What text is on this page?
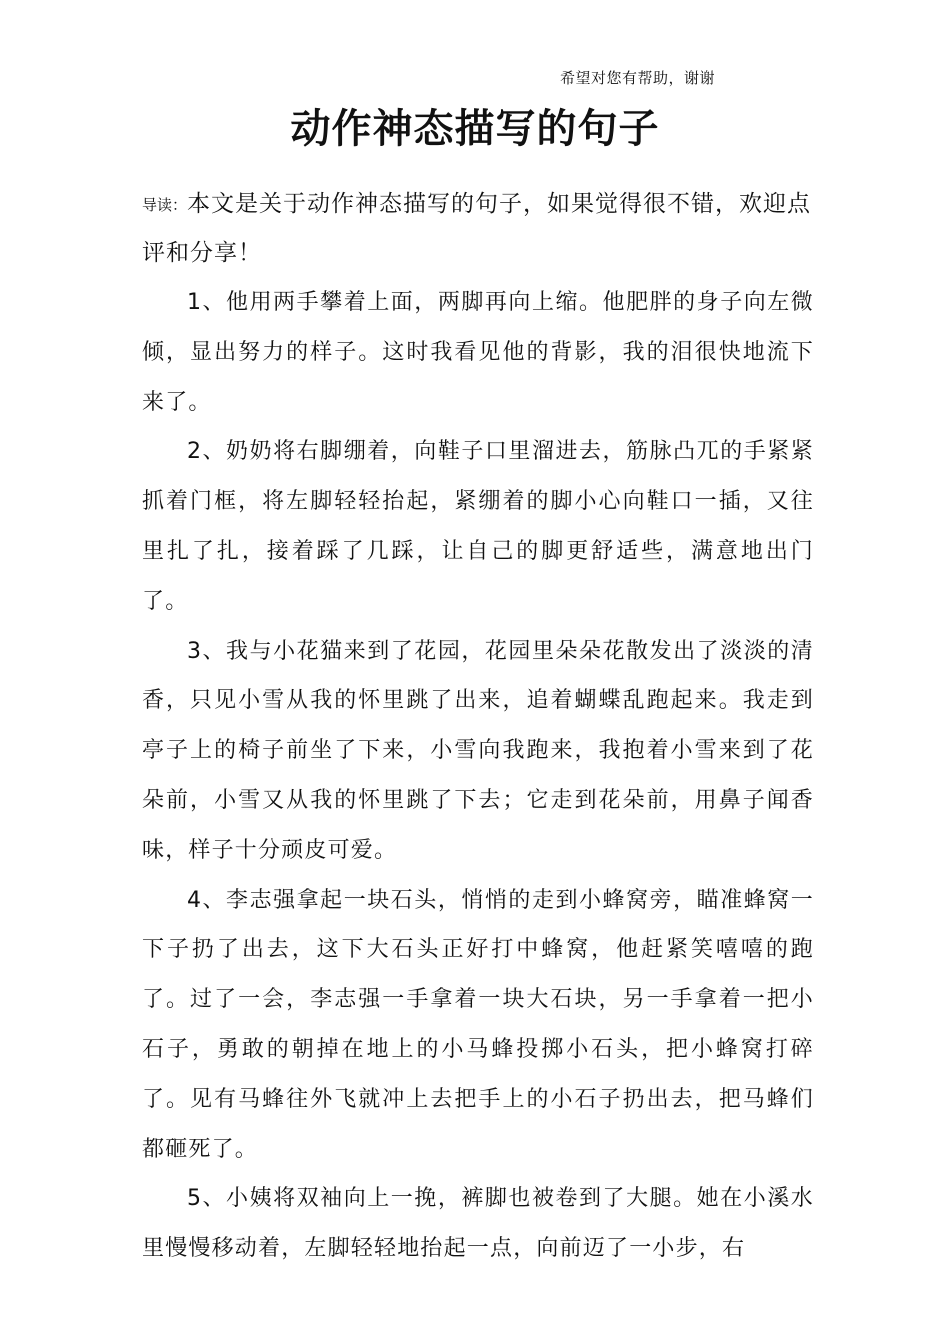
希望对您有帮助，谢谢
动作神态描写的句子

导读：本文是关于动作神态描写的句子，如果觉得很不错，欢迎点评和分享！

1、他用两手攀着上面，两脚再向上缩。他肥胖的身子向左微倾，显出努力的样子。这时我看见他的背影，我的泪很快地流下来了。

2、奶奶将右脚绷着，向鞋子口里溜进去，筋脉凸兀的手紧紧抓着门框，将左脚轻轻抬起，紧绷着的脚小心向鞋口一插，又往里扎了扎，接着踩了几踩，让自己的脚更舒适些，满意地出门了。

3、我与小花猫来到了花园，花园里朵朵花散发出了淡淡的清香，只见小雪从我的怀里跳了出来，追着蝴蝶乱跑起来。我走到亭子上的椅子前坐了下来，小雪向我跑来，我抱着小雪来到了花朵前，小雪又从我的怀里跳了下去；它走到花朵前，用鼻子闻香味，样子十分顽皮可爱。

4、李志强拿起一块石头，悄悄的走到小蜂窝旁，瞄准蜂窝一下子扔了出去，这下大石头正好打中蜂窝，他赶紧笑嘻嘻的跑了。过了一会，李志强一手拿着一块大石块，另一手拿着一把小石子，勇敢的朝掉在地上的小马蜂投掷小石头，把小蜂窝打碎了。见有马蜂往外飞就冲上去把手上的小石子扔出去，把马蜂们都砸死了。

5、小姨将双袖向上一挽，裤脚也被卷到了大腿。她在小溪水里慢慢移动着，左脚轻轻地抬起一点，向前迈了一小步，右
